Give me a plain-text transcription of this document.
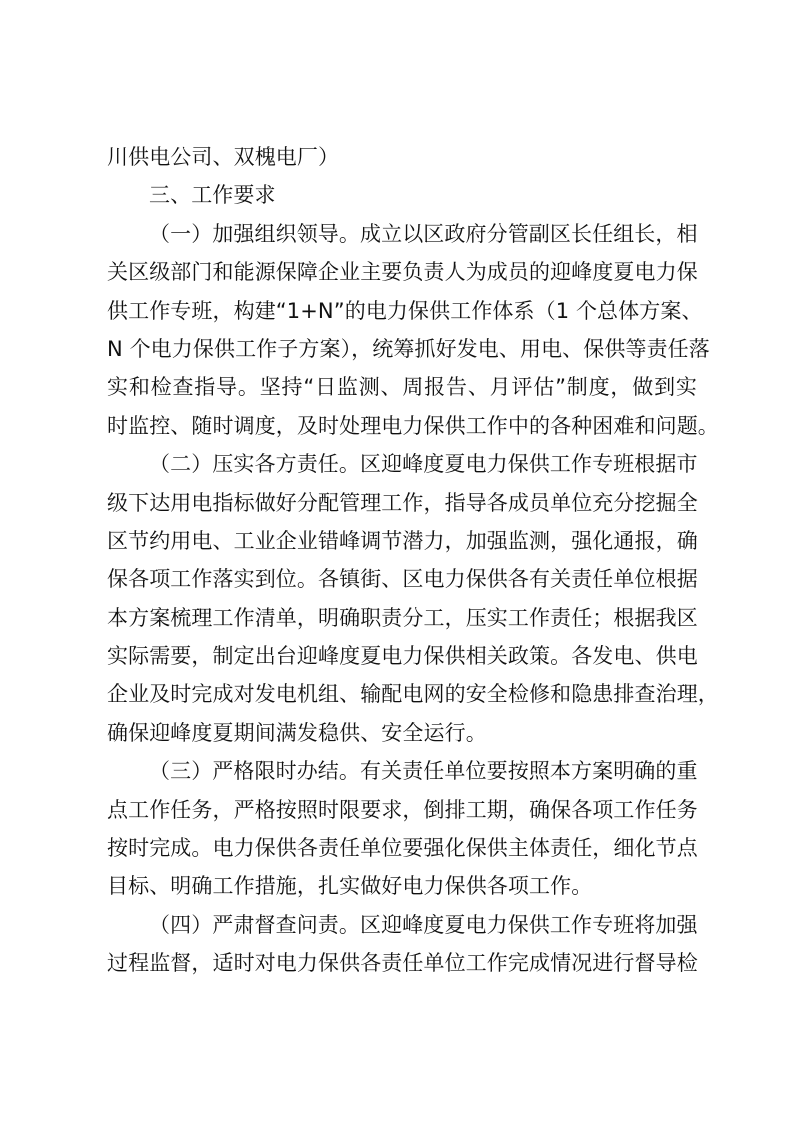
川供电公司、双槐电厂）
三、工作要求
（一）加强组织领导。成立以区政府分管副区长任组长，相
关区级部门和能源保障企业主要负责人为成员的迎峰度夏电力保
供工作专班，构建“1+N”的电力保供工作体系（1 个总体方案、
N 个电力保供工作子方案），统筹抓好发电、用电、保供等责任落
实和检查指导。坚持“日监测、周报告、月评估”制度，做到实
时监控、随时调度，及时处理电力保供工作中的各种困难和问题。
（二）压实各方责任。区迎峰度夏电力保供工作专班根据市
级下达用电指标做好分配管理工作，指导各成员单位充分挖掘全
区节约用电、工业企业错峰调节潜力，加强监测，强化通报，确
保各项工作落实到位。各镇街、区电力保供各有关责任单位根据
本方案梳理工作清单，明确职责分工，压实工作责任；根据我区
实际需要，制定出台迎峰度夏电力保供相关政策。各发电、供电
企业及时完成对发电机组、输配电网的安全检修和隐患排查治理，
确保迎峰度夏期间满发稳供、安全运行。
（三）严格限时办结。有关责任单位要按照本方案明确的重
点工作任务，严格按照时限要求，倒排工期，确保各项工作任务
按时完成。电力保供各责任单位要强化保供主体责任，细化节点
目标、明确工作措施，扎实做好电力保供各项工作。
（四）严肃督查问责。区迎峰度夏电力保供工作专班将加强
过程监督，适时对电力保供各责任单位工作完成情况进行督导检
